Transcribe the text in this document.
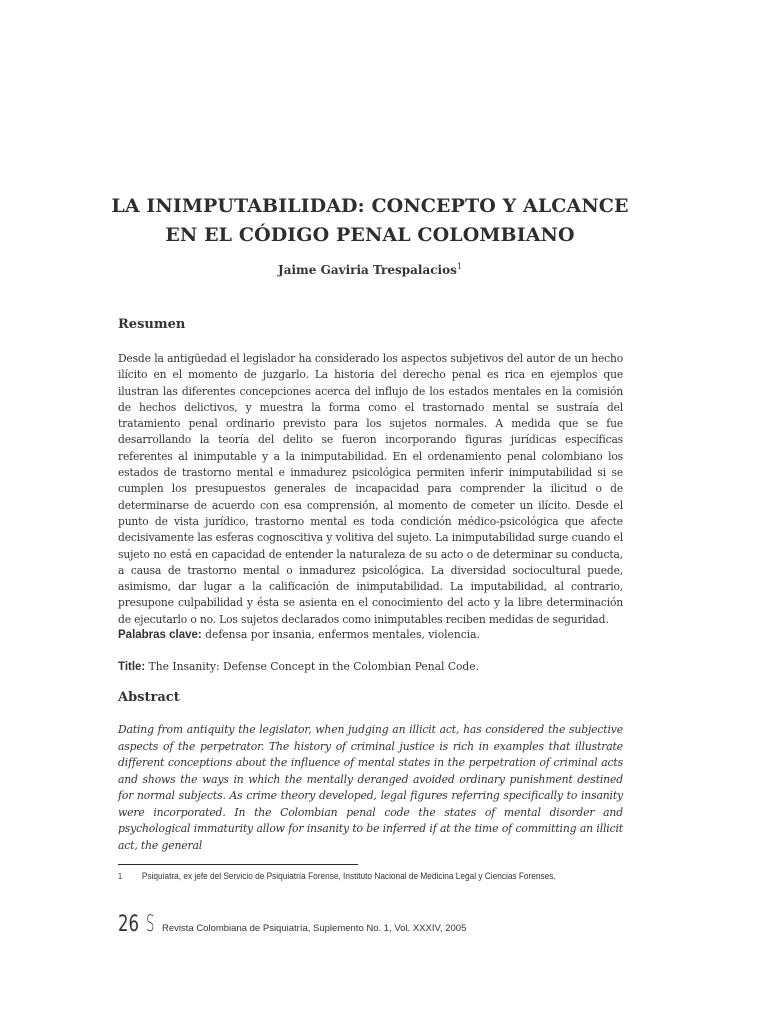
LA INIMPUTABILIDAD: CONCEPTO Y ALCANCE
EN EL CÓDIGO PENAL COLOMBIANO
Jaime Gaviria Trespalacios$^1$
Resumen
Desde la antigüedad el legislador ha considerado los aspectos subjetivos del autor de un hecho ilícito en el momento de juzgarlo. La historia del derecho penal es rica en ejemplos que ilustran las diferentes concepciones acerca del influjo de los estados mentales en la comisión de hechos delictivos, y muestra la forma como el trastornado mental se sustraía del tratamiento penal ordinario previsto para los sujetos normales. A medida que se fue desarrollando la teoría del delito se fueron incorporando figuras jurídicas específicas referentes al inimputable y a la inimputabilidad. En el ordenamiento penal colombiano los estados de trastorno mental e inmadurez psicológica permiten inferir inimputabilidad si se cumplen los presupuestos generales de incapacidad para comprender la ilicitud o de determinarse de acuerdo con esa comprensión, al momento de cometer un ilícito. Desde el punto de vista jurídico, trastorno mental es toda condición médico-psicológica que afecte decisivamente las esferas cognoscitiva y volitiva del sujeto. La inimputabilidad surge cuando el sujeto no está en capacidad de entender la naturaleza de su acto o de determinar su conducta, a causa de trastorno mental o inmadurez psicológica. La diversidad sociocultural puede, asimismo, dar lugar a la calificación de inimputabilidad. La imputabilidad, al contrario, presupone culpabilidad y ésta se asienta en el conocimiento del acto y la libre determinación de ejecutarlo o no. Los sujetos declarados como inimputables reciben medidas de seguridad.
Palabras clave: defensa por insania, enfermos mentales, violencia.
Title: The Insanity: Defense Concept in the Colombian Penal Code.
Abstract
Dating from antiquity the legislator, when judging an illicit act, has considered the subjective aspects of the perpetrator. The history of criminal justice is rich in examples that illustrate different conceptions about the influence of mental states in the perpetration of criminal acts and shows the ways in which the mentally deranged avoided ordinary punishment destined for normal subjects. As crime theory developed, legal figures referring specifically to insanity were incorporated. In the Colombian penal code the states of mental disorder and psychological immaturity allow for insanity to be inferred if at the time of committing an illicit act, the general
1 Psiquiatra, ex jefe del Servicio de Psiquiatría Forense, Instituto Nacional de Medicina Legal y Ciencias Forenses.
26 S Revista Colombiana de Psiquiatría, Suplemento No. 1, Vol. XXXIV, 2005
